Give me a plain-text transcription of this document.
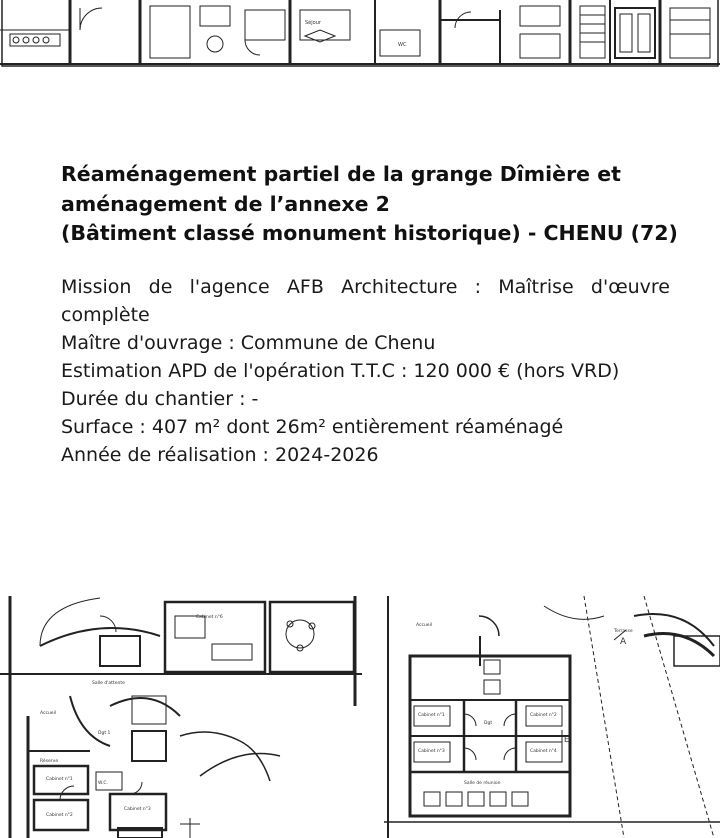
Séjour
WC
Réaménagement partiel de la grange Dîmière et
aménagement de l’annexe 2
(Bâtiment classé monument historique) - CHENU (72)
Mission de l'agence AFB Architecture : Maîtrise d'œuvre
complète
Maître d'ouvrage : Commune de Chenu
Estimation APD de l'opération T.T.C : 120 000 € (hors VRD)
Durée du chantier : -
Surface : 407 m² dont 26m² entièrement réaménagé
Année de réalisation : 2024-2026
Cabinet n°6
Salle d'attente
Accueil
Cabinet n°1
Cabinet n°2
Cabinet n°3
Dgt 1
Réserve
W.C.
Accueil
Cabinet n°1	Cabinet n°2
Cabinet n°3	Cabinet n°4
Salle de réunion
Terrasse
Dgt
A
E
